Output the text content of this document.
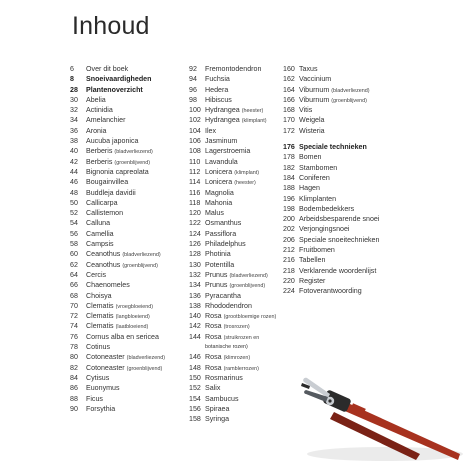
Inhoud
6	Over dit boek
8	Snoeivaardigheden
28	Plantenoverzicht
30	Abelia
32	Actinidia
34	Amelanchier
36	Aronia
38	Aucuba japonica
40	Berberis (bladverliezend)
42	Berberis (groenblijvend)
44	Bignonia capreolata
46	Bougainvillea
48	Buddleja davidii
50	Callicarpa
52	Callistemon
54	Calluna
56	Camellia
58	Campsis
60	Ceanothus (bladverliezend)
62	Ceanothus (groenblijvend)
64	Cercis
66	Chaenomeles
68	Choisya
70	Clematis (vroegbloeiend)
72	Clematis (langbloeiend)
74	Clematis (laatbloeiend)
76	Cornus alba en sericea
78	Cotinus
80	Cotoneaster (bladverliezend)
82	Cotoneaster (groenblijvend)
84	Cytisus
86	Euonymus
88	Ficus
90	Forsythia
92	Fremontodendron
94	Fuchsia
96	Hedera
98	Hibiscus
100 Hydrangea (heester)
102 Hydrangea (klimplant)
104 Ilex
106 Jasminum
108 Lagerstroemia
110 Lavandula
112 Lonicera (klimplant)
114 Lonicera (heester)
116 Magnolia
118 Mahonia
120 Malus
122 Osmanthus
124 Passiflora
126 Philadelphus
128 Photinia
130 Potentilla
132 Prunus (bladverliezend)
134 Prunus (groenblijvend)
136 Pyracantha
138 Rhododendron
140 Rosa (grootbloemige rozen)
142 Rosa (trosrozen)
144 Rosa (struikrozen en
botanische rozen)
146 Rosa (klimrozen)
148 Rosa (ramblerrozen)
150 Rosmarinus
152 Salix
154 Sambucus
156 Spiraea
158 Syringa
160 Taxus
162 Vaccinium
164 Viburnum (bladverliezend)
166 Viburnum (groenblijvend)
168 Vitis
170 Weigela
172 Wisteria
176 Speciale technieken
178 Bomen
182 Stambomen
184 Coniferen
188 Hagen
196 Klimplanten
198 Bodembedekkers
200 Arbeidsbesparende snoei
202 Verjongingsnoei
206 Speciale snoeitechnieken
212 Fruitbomen
216 Tabellen
218 Verklarende woordenlijst
220 Register
224 Fotoverantwoording
